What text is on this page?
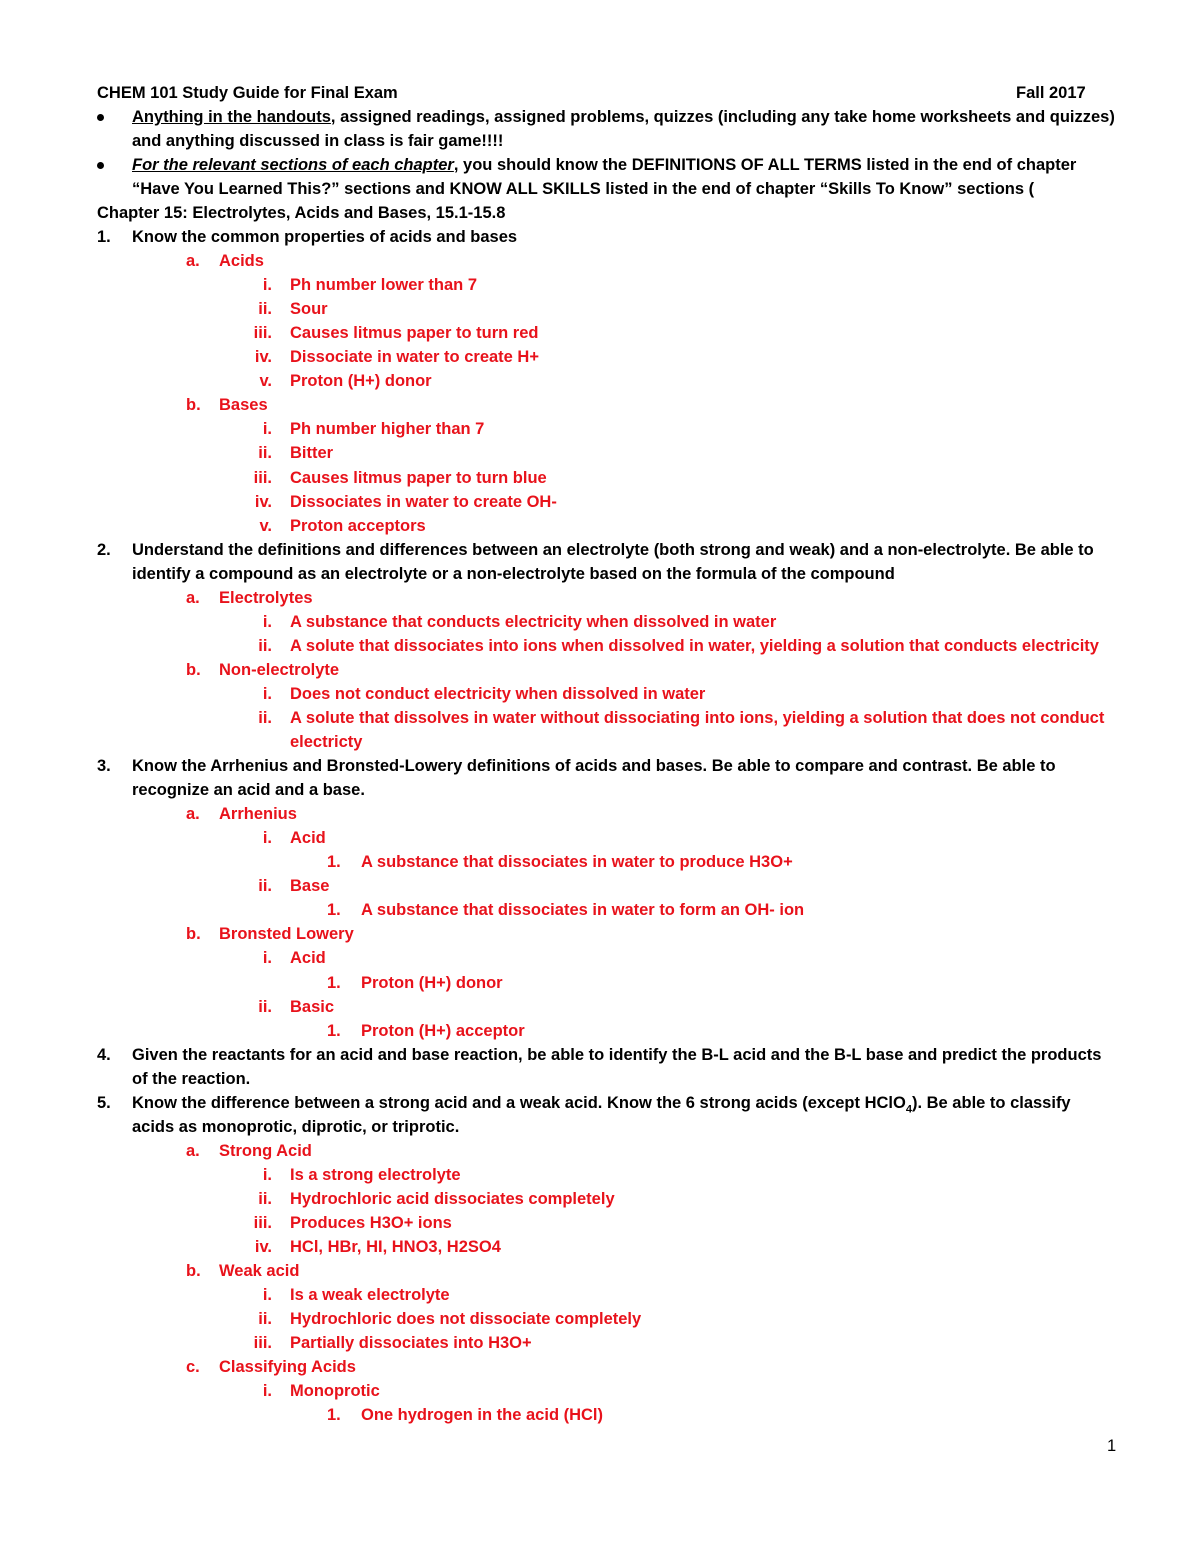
CHEM 101 Study Guide for Final Exam	Fall 2017
Anything in the handouts, assigned readings, assigned problems, quizzes (including any take home worksheets and quizzes)
and anything discussed in class is fair game!!!!
For the relevant sections of each chapter, you should know the DEFINITIONS OF ALL TERMS listed in the end of chapter
“Have You Learned This?” sections and KNOW ALL SKILLS listed in the end of chapter “Skills To Know” sections (
Chapter 15: Electrolytes, Acids and Bases, 15.1-15.8
1. Know the common properties of acids and bases
a. Acids
i. Ph number lower than 7
ii. Sour
iii. Causes litmus paper to turn red
iv. Dissociate in water to create H+
v. Proton (H+) donor
b. Bases
i. Ph number higher than 7
ii. Bitter
iii. Causes litmus paper to turn blue
iv. Dissociates in water to create OH-
v. Proton acceptors
2. Understand the definitions and differences between an electrolyte (both strong and weak) and a non-electrolyte. Be able to
identify a compound as an electrolyte or a non-electrolyte based on the formula of the compound
a. Electrolytes
i. A substance that conducts electricity when dissolved in water
ii. A solute that dissociates into ions when dissolved in water, yielding a solution that conducts electricity
b. Non-electrolyte
i. Does not conduct electricity when dissolved in water
ii. A solute that dissolves in water without dissociating into ions, yielding a solution that does not conduct
electricty
3. Know the Arrhenius and Bronsted-Lowery definitions of acids and bases. Be able to compare and contrast. Be able to
recognize an acid and a base.
a. Arrhenius
i. Acid
1. A substance that dissociates in water to produce H3O+
ii. Base
1. A substance that dissociates in water to form an OH- ion
b. Bronsted Lowery
i. Acid
1. Proton (H+) donor
ii. Basic
1. Proton (H+) acceptor
4. Given the reactants for an acid and base reaction, be able to identify the B-L acid and the B-L base and predict the products
of the reaction.
5. Know the difference between a strong acid and a weak acid. Know the 6 strong acids (except HClO$_4$). Be able to classify
acids as monoprotic, diprotic, or triprotic.
a. Strong Acid
i. Is a strong electrolyte
ii. Hydrochloric acid dissociates completely
iii. Produces H3O+ ions
iv. HCl, HBr, HI, HNO3, H2SO4
b. Weak acid
i. Is a weak electrolyte
ii. Hydrochloric does not dissociate completely
iii. Partially dissociates into H3O+
c. Classifying Acids
i. Monoprotic
1. One hydrogen in the acid (HCl)
1
